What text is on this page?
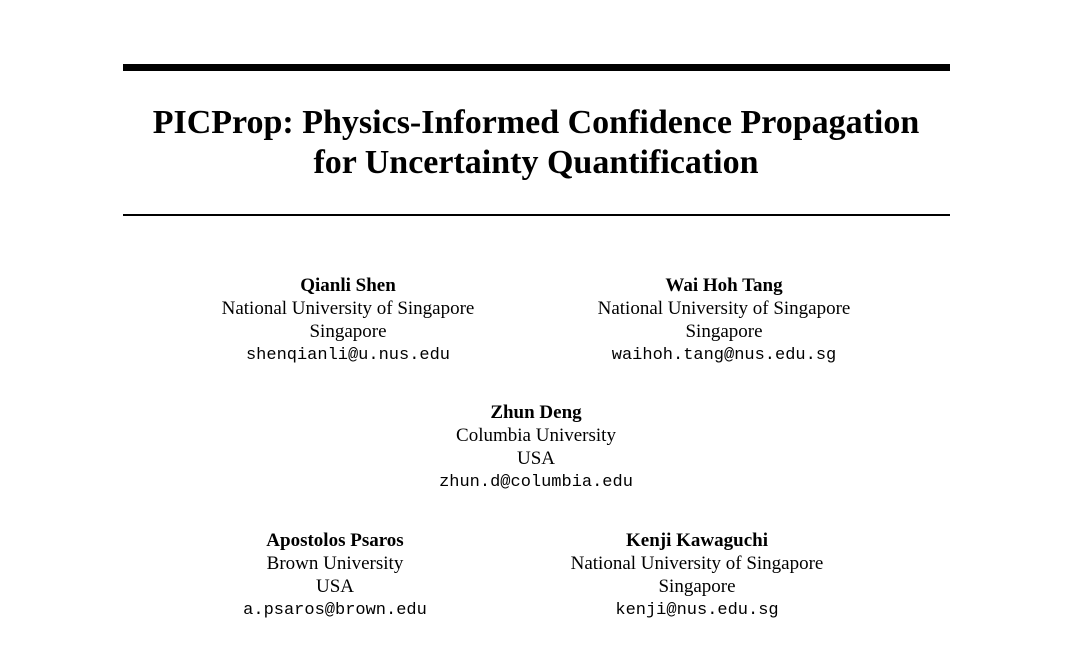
PICProp: Physics-Informed Confidence Propagation
for Uncertainty Quantification
Qianli Shen
National University of Singapore
Singapore
shenqianli@u.nus.edu
Wai Hoh Tang
National University of Singapore
Singapore
waihoh.tang@nus.edu.sg
Zhun Deng
Columbia University
USA
zhun.d@columbia.edu
Apostolos Psaros
Brown University
USA
a.psaros@brown.edu
Kenji Kawaguchi
National University of Singapore
Singapore
kenji@nus.edu.sg
